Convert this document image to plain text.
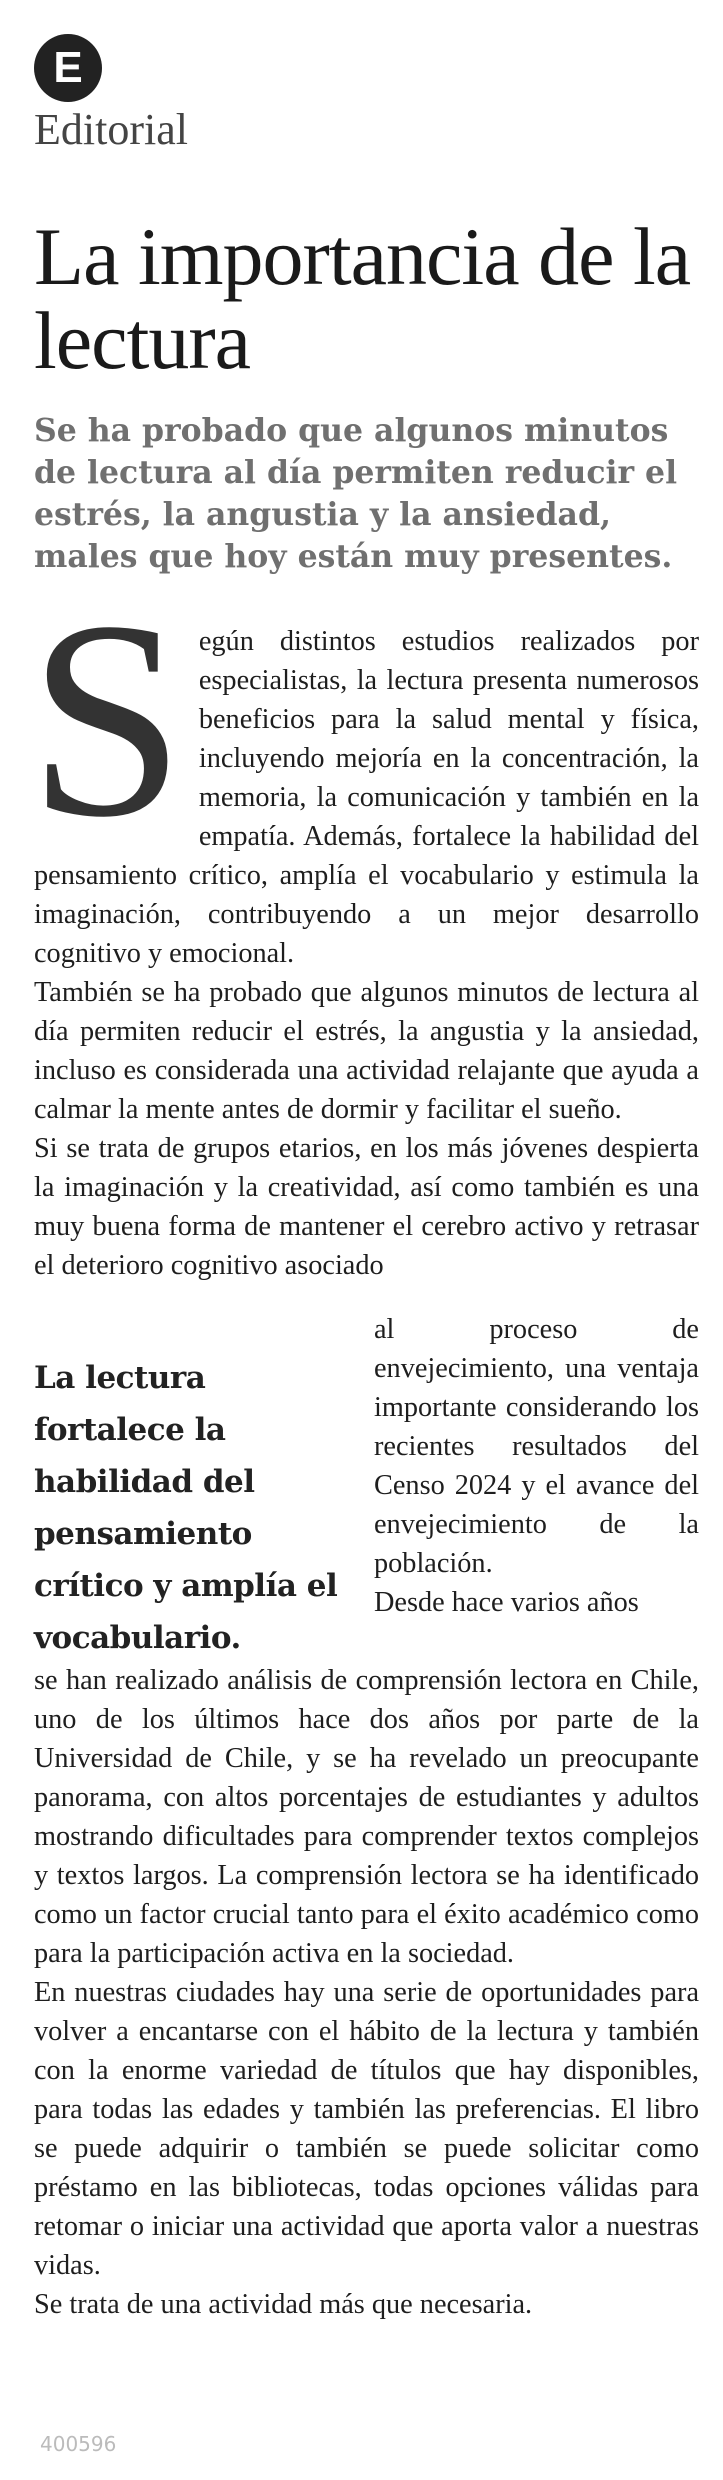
E
Editorial
La importancia de la lectura

Se ha probado que algunos minutos de lectura al día permiten reducir el estrés, la angustia y la ansiedad, males que hoy están muy presentes.

Según distintos estudios realizados por especialistas, la lectura presenta numerosos beneficios para la salud mental y física, incluyendo mejoría en la concentración, la memoria, la comunicación y también en la empatía. Además, fortalece la habilidad del pensamiento crítico, amplía el vocabulario y estimula la imaginación, contribuyendo a un mejor desarrollo cognitivo y emocional.

También se ha probado que algunos minutos de lectura al día permiten reducir el estrés, la angustia y la ansiedad, incluso es considerada una actividad relajante que ayuda a calmar la mente antes de dormir y facilitar el sueño.

Si se trata de grupos etarios, en los más jóvenes despierta la imaginación y la creatividad, así como también es una muy buena forma de mantener el cerebro activo y retrasar el deterioro cognitivo asociado

La lectura fortalece la habilidad del pensamiento crítico y amplía el vocabulario.

al proceso de envejecimiento, una ventaja importante considerando los recientes resultados del Censo 2024 y el avance del envejecimiento de la población.

Desde hace varios años

se han realizado análisis de comprensión lectora en Chile, uno de los últimos hace dos años por parte de la Universidad de Chile, y se ha revelado un preocupante panorama, con altos porcentajes de estudiantes y adultos mostrando dificultades para comprender textos complejos y textos largos. La comprensión lectora se ha identificado como un factor crucial tanto para el éxito académico como para la participación activa en la sociedad.

En nuestras ciudades hay una serie de oportunidades para volver a encantarse con el hábito de la lectura y también con la enorme variedad de títulos que hay disponibles, para todas las edades y también las preferencias. El libro se puede adquirir o también se puede solicitar como préstamo en las bibliotecas, todas opciones válidas para retomar o iniciar una actividad que aporta valor a nuestras vidas.

Se trata de una actividad más que necesaria.

400596
